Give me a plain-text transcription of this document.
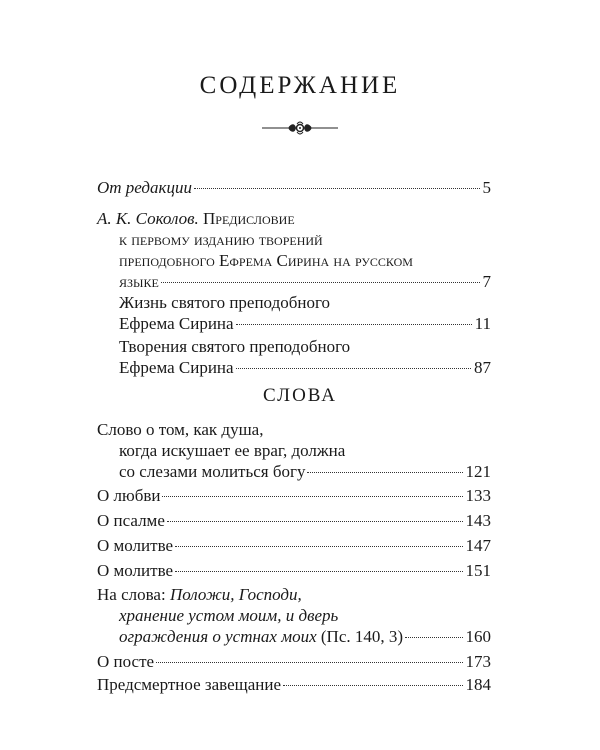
СОДЕРЖАНИЕ
От редакции	5
А. К. Соколов. Предисловие
к первому изданию творений
преподобного Ефрема Сирина на русском
языке	7
Жизнь святого преподобного
Ефрема Сирина	11
Творения святого преподобного
Ефрема Сирина	87
СЛОВА
Слово о том, как душа,
когда искушает ее враг, должна
со слезами молиться богу	121
О любви	133
О псалме	143
О молитве	147
О молитве	151
На слова: Положи, Господи,
хранение устом моим, и дверь
ограждения о устнах моих (Пс. 140, 3)	160
О посте	173
Предсмертное завещание	184
